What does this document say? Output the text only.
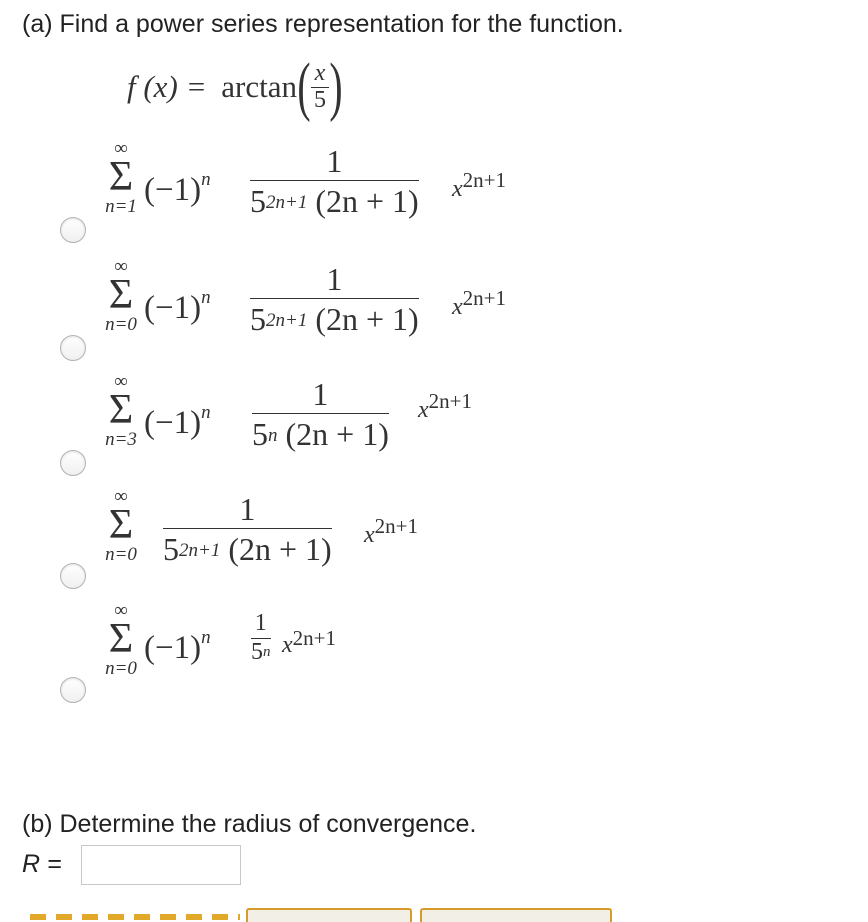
(a) Find a power series representation for the function.
f (x) = arctan ( $\frac{x}{5}$ )
∞
Σ
n=1 $(-1)^n$
1
$5^{2n+1}$ (2n + 1) x2n+1
∞
Σ
n=0 $(-1)^n$
1
$5^{2n+1}$ (2n + 1) x2n+1
∞
Σ
n=3 $(-1)^n$
1
5$^n$ (2n + 1)
x2n+1
∞
Σ
n=0
1
$5^{2n+1}$ (2n + 1) x2n+1
∞
Σ
n=0
$(-1)^n$
1
5$^n$ x2n+1
(b) Determine the radius of convergence.
R =
